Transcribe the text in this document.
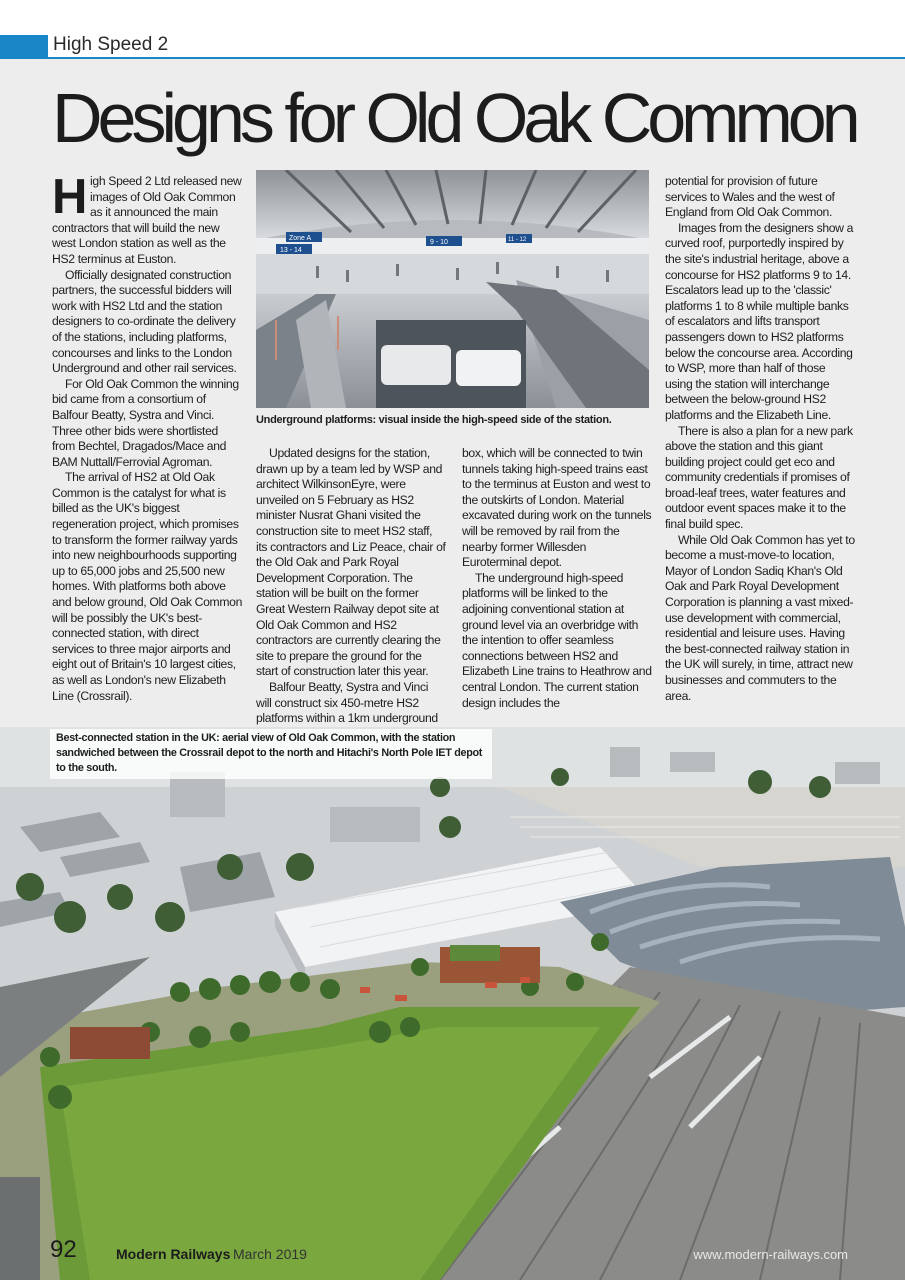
High Speed 2
Designs for Old Oak Common

High Speed 2 Ltd released new images of Old Oak Common as it announced the main contractors that will build the new west London station as well as the HS2 terminus at Euston.

Officially designated construction partners, the successful bidders will work with HS2 Ltd and the station designers to co-ordinate the delivery of the stations, including platforms, concourses and links to the London Underground and other rail services.

For Old Oak Common the winning bid came from a consortium of Balfour Beatty, Systra and Vinci. Three other bids were shortlisted from Bechtel, Dragados/Mace and BAM Nuttall/Ferrovial Agroman.

The arrival of HS2 at Old Oak Common is the catalyst for what is billed as the UK's biggest regeneration project, which promises to transform the former railway yards into new neighbourhoods supporting up to 65,000 jobs and 25,500 new homes. With platforms both above and below ground, Old Oak Common will be possibly the UK's best-connected station, with direct services to three major airports and eight out of Britain's 10 largest cities, as well as London's new Elizabeth Line (Crossrail).

Zone A
13 - 14
9 - 10	11 - 12
Underground platforms: visual inside the high-speed side of the station.

Updated designs for the station, drawn up by a team led by WSP and architect WilkinsonEyre, were unveiled on 5 February as HS2 minister Nusrat Ghani visited the construction site to meet HS2 staff, its contractors and Liz Peace, chair of the Old Oak and Park Royal Development Corporation. The station will be built on the former Great Western Railway depot site at Old Oak Common and HS2 contractors are currently clearing the site to prepare the ground for the start of construction later this year.

Balfour Beatty, Systra and Vinci will construct six 450-metre HS2 platforms within a 1km underground

box, which will be connected to twin tunnels taking high-speed trains east to the terminus at Euston and west to the outskirts of London. Material excavated during work on the tunnels will be removed by rail from the nearby former Willesden Euroterminal depot.

The underground high-speed platforms will be linked to the adjoining conventional station at ground level via an overbridge with the intention to offer seamless connections between HS2 and Elizabeth Line trains to Heathrow and central London. The current station design includes the

potential for provision of future services to Wales and the west of England from Old Oak Common.

Images from the designers show a curved roof, purportedly inspired by the site's industrial heritage, above a concourse for HS2 platforms 9 to 14. Escalators lead up to the 'classic' platforms 1 to 8 while multiple banks of escalators and lifts transport passengers down to HS2 platforms below the concourse area. According to WSP, more than half of those using the station will interchange between the below-ground HS2 platforms and the Elizabeth Line.

There is also a plan for a new park above the station and this giant building project could get eco and community credentials if promises of broad-leaf trees, water features and outdoor event spaces make it to the final build spec.

While Old Oak Common has yet to become a must-move-to location, Mayor of London Sadiq Khan's Old Oak and Park Royal Development Corporation is planning a vast mixed-use development with commercial, residential and leisure uses. Having the best-connected railway station in the UK will surely, in time, attract new businesses and commuters to the area.

Best-connected station in the UK: aerial view of Old Oak Common, with the station sandwiched between the Crossrail depot to the north and Hitachi's North Pole IET depot to the south.
92	Modern Railways March 2019	www.modern-railways.com
